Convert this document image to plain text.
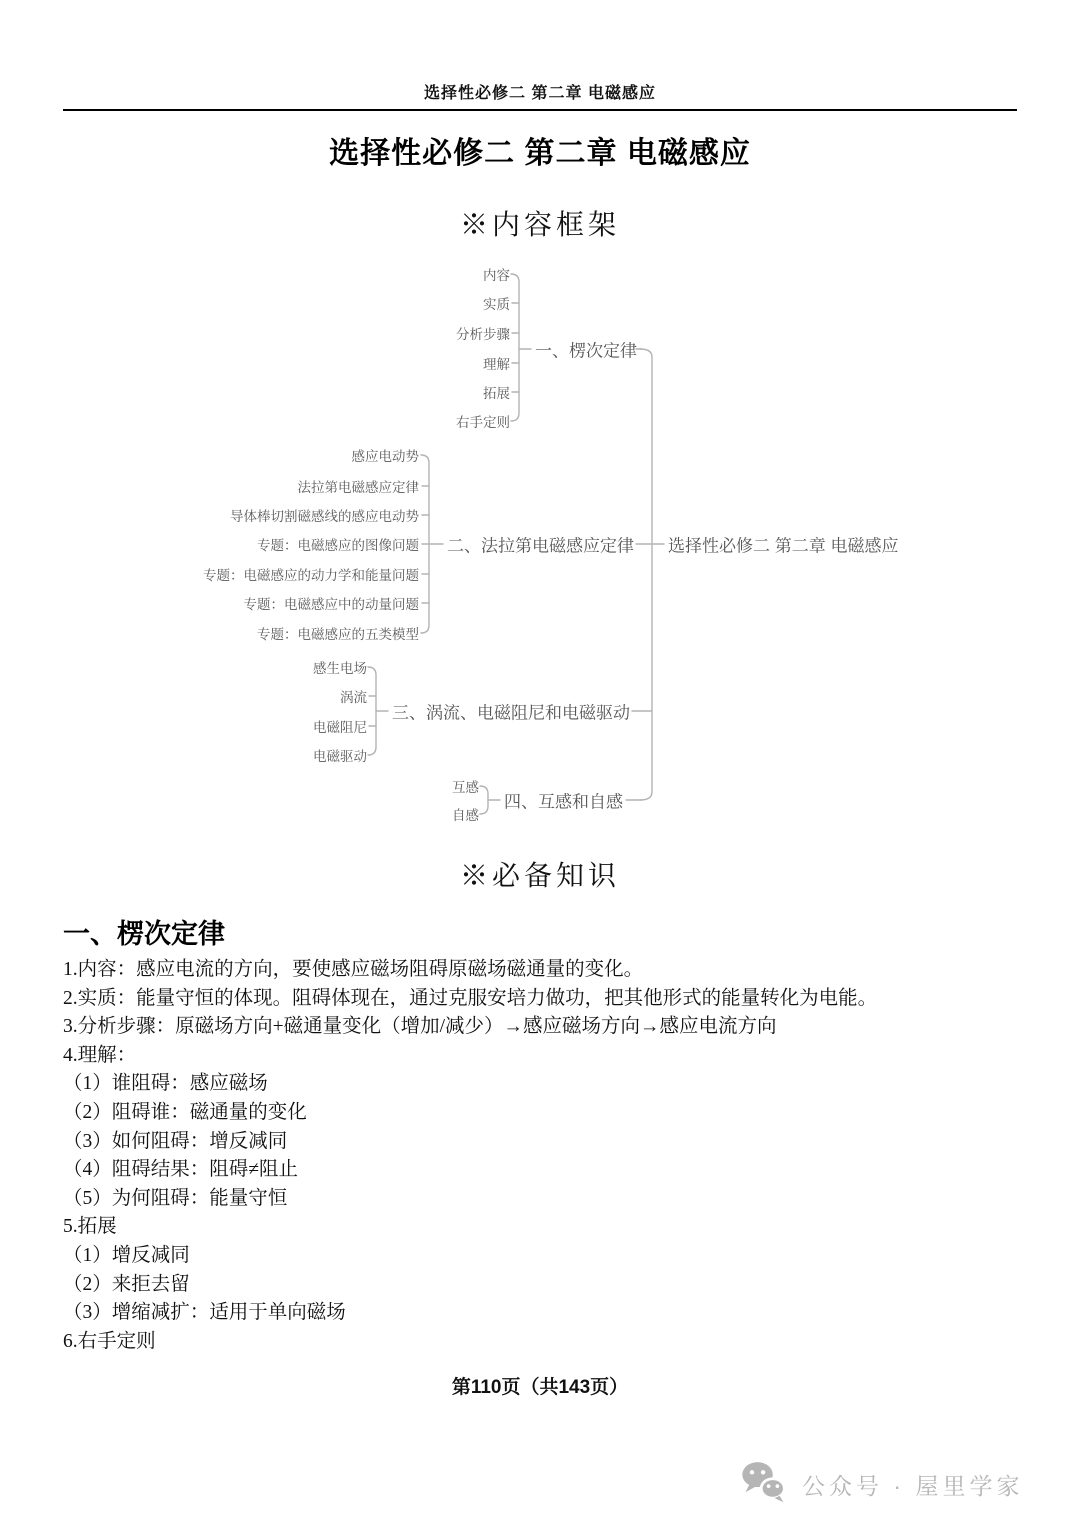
选择性必修二 第二章 电磁感应
选择性必修二 第二章 电磁感应
※内容框架
内容
实质
分析步骤
理解
拓展
右手定则
一、楞次定律
感应电动势
法拉第电磁感应定律
导体棒切割磁感线的感应电动势
专题：电磁感应的图像问题
专题：电磁感应的动力学和能量问题
专题：电磁感应中的动量问题
专题：电磁感应的五类模型
二、法拉第电磁感应定律
感生电场
涡流
电磁阻尼
电磁驱动
三、涡流、电磁阻尼和电磁驱动
互感
自感
四、互感和自感
选择性必修二 第二章 电磁感应
※必备知识
一、楞次定律

1.内容：感应电流的方向，要使感应磁场阻碍原磁场磁通量的变化。

2.实质：能量守恒的体现。阻碍体现在，通过克服安培力做功，把其他形式的能量转化为电能。

3.分析步骤：原磁场方向+磁通量变化（增加/减少）→感应磁场方向→感应电流方向

4.理解：

（1）谁阻碍：感应磁场

（2）阻碍谁：磁通量的变化

（3）如何阻碍：增反减同

（4）阻碍结果：阻碍≠阻止

（5）为何阻碍：能量守恒

5.拓展

（1）增反减同

（2）来拒去留

（3）增缩减扩：适用于单向磁场

6.右手定则

第110页（共143页）
公众号 · 屋里学家
